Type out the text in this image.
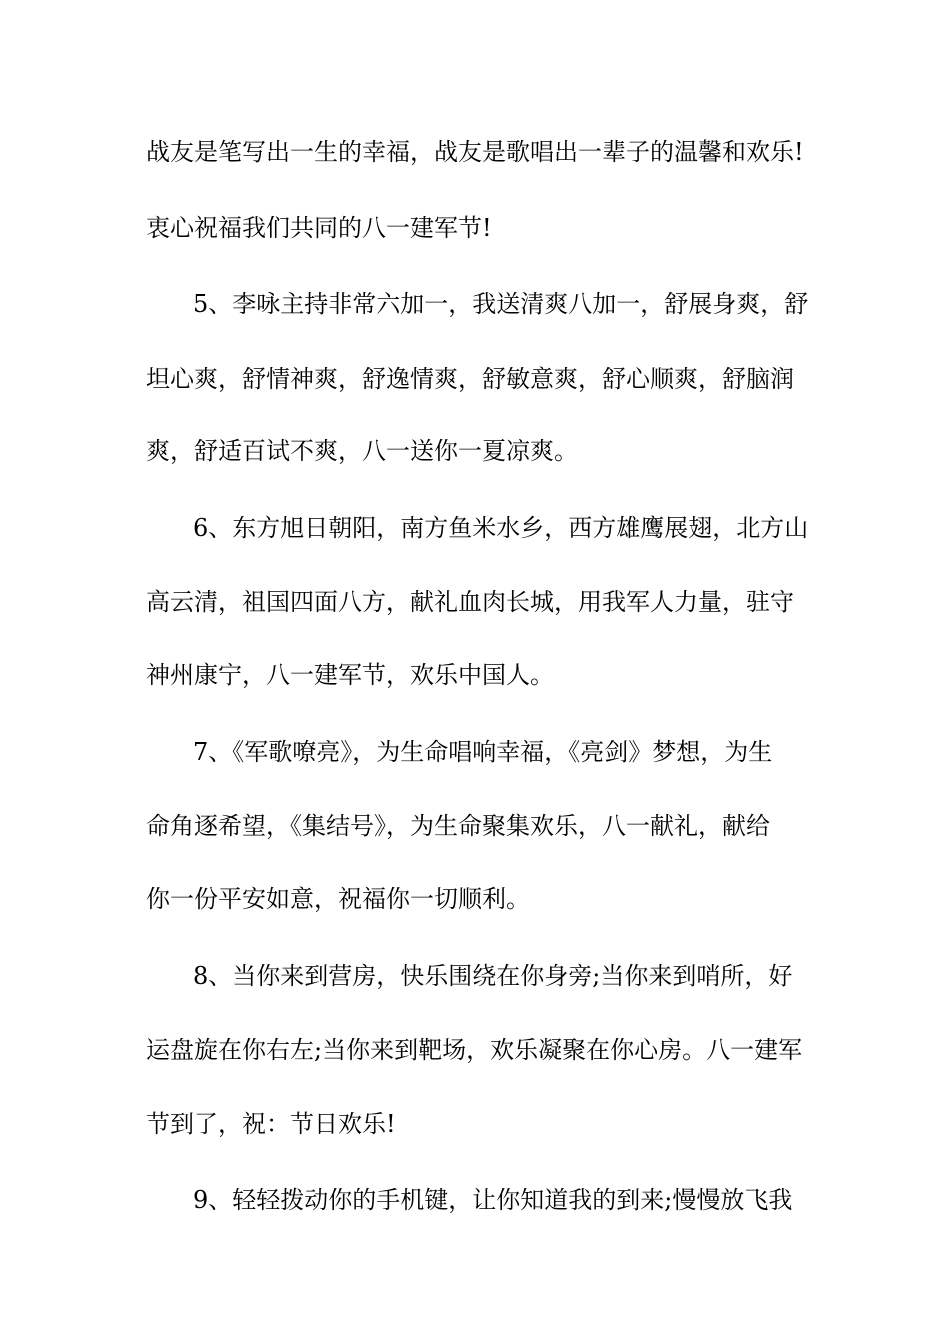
战友是笔写出一生的幸福，战友是歌唱出一辈子的温馨和欢乐!
衷心祝福我们共同的八一建军节!
5、李咏主持非常六加一，我送清爽八加一，舒展身爽，舒
坦心爽，舒情神爽，舒逸情爽，舒敏意爽，舒心顺爽，舒脑润
爽，舒适百试不爽，八一送你一夏凉爽。
6、东方旭日朝阳，南方鱼米水乡，西方雄鹰展翅，北方山
高云清，祖国四面八方，献礼血肉长城，用我军人力量，驻守
神州康宁，八一建军节，欢乐中国人。
7、《军歌嘹亮》，为生命唱响幸福，《亮剑》梦想，为生
命角逐希望，《集结号》，为生命聚集欢乐，八一献礼，献给
你一份平安如意，祝福你一切顺利。
8、当你来到营房，快乐围绕在你身旁;当你来到哨所，好
运盘旋在你右左;当你来到靶场，欢乐凝聚在你心房。八一建军
节到了，祝：节日欢乐!
9、轻轻拨动你的手机键，让你知道我的到来;慢慢放飞我
